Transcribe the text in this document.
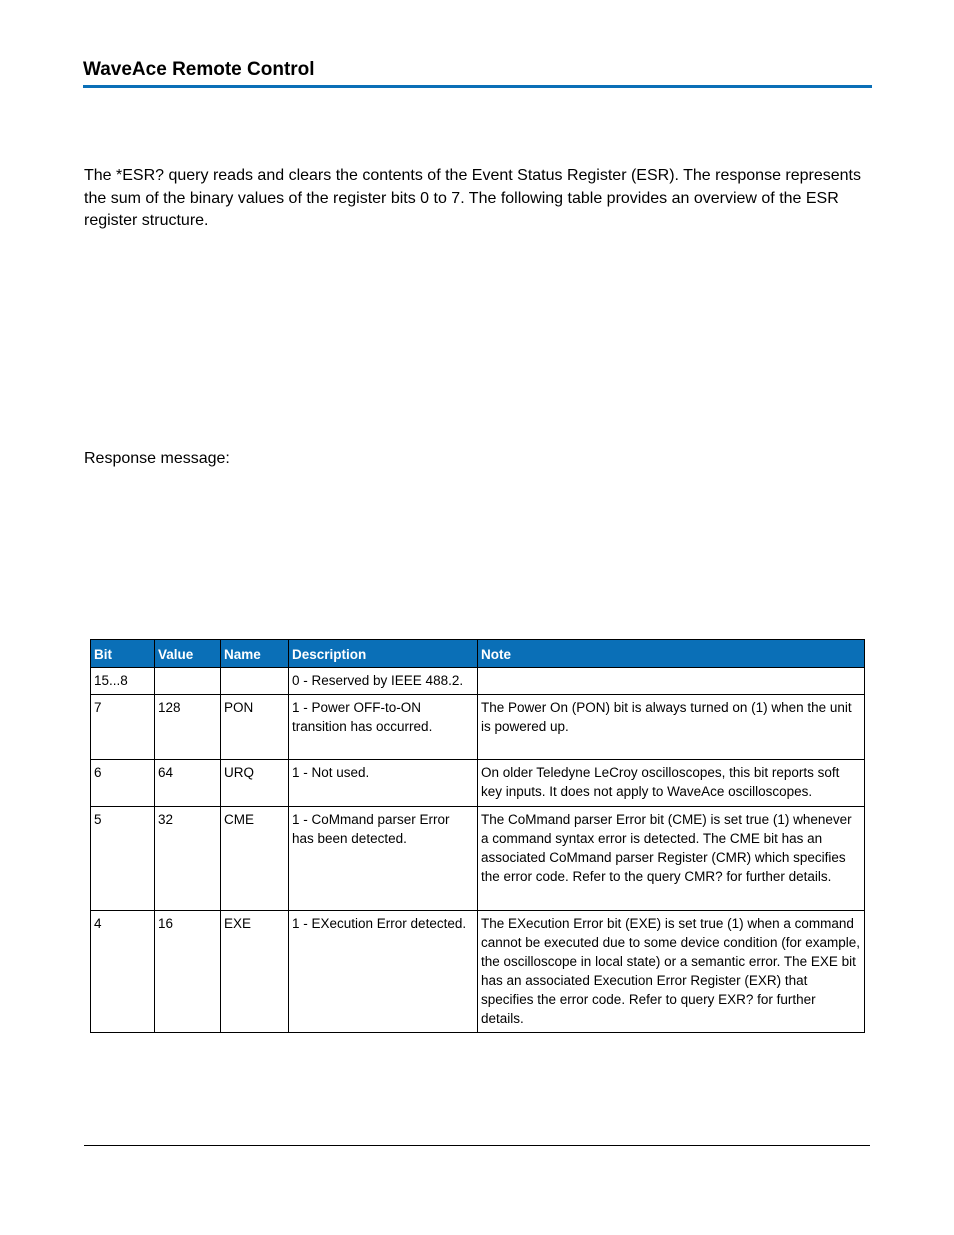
WaveAce Remote Control

The *ESR? query reads and clears the contents of the Event Status Register (ESR). The response represents the sum of the binary values of the register bits 0 to 7. The following table provides an overview of the ESR register structure.

Response message:

Bit	Value	Name	Description	Note
15...8			0 - Reserved by IEEE 488.2.	
7	128	PON	1 - Power OFF-to-ON transition has occurred.	The Power On (PON) bit is always turned on (1) when the unit is powered up.
6	64	URQ	1 - Not used.	On older Teledyne LeCroy oscilloscopes, this bit reports soft key inputs. It does not apply to WaveAce oscilloscopes.
5	32	CME	1 - CoMmand parser Error has been detected.	The CoMmand parser Error bit (CME) is set true (1) whenever a command syntax error is detected. The CME bit has an associated CoMmand parser Register (CMR) which specifies the error code. Refer to the query CMR? for further details.
4	16	EXE	1 - EXecution Error detected.	The EXecution Error bit (EXE) is set true (1) when a command cannot be executed due to some device condition (for example, the oscilloscope in local state) or a semantic error. The EXE bit has an associated Execution Error Register (EXR) that specifies the error code. Refer to query EXR? for further details.
